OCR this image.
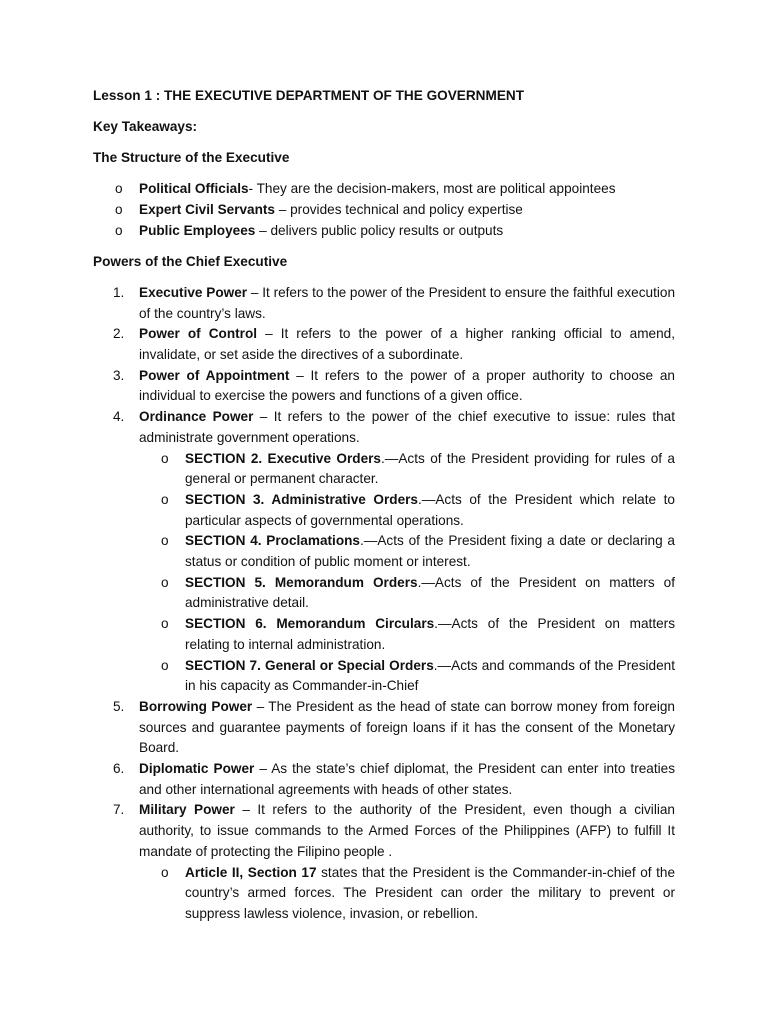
Lesson 1 : THE EXECUTIVE DEPARTMENT OF THE GOVERNMENT
Key Takeaways:
The Structure of the Executive
o Political Officials- They are the decision-makers, most are political appointees
o Expert Civil Servants – provides technical and policy expertise
o Public Employees – delivers public policy results or outputs
Powers of the Chief Executive
1. Executive Power – It refers to the power of the President to ensure the faithful execution of the country’s laws.
2. Power of Control – It refers to the power of a higher ranking official to amend, invalidate, or set aside the directives of a subordinate.
3. Power of Appointment – It refers to the power of a proper authority to choose an individual to exercise the powers and functions of a given office.
4. Ordinance Power – It refers to the power of the chief executive to issue: rules that administrate government operations.
o SECTION 2. Executive Orders.—Acts of the President providing for rules of a general or permanent character.
o SECTION 3. Administrative Orders.—Acts of the President which relate to particular aspects of governmental operations.
o SECTION 4. Proclamations.—Acts of the President fixing a date or declaring a status or condition of public moment or interest.
o SECTION 5. Memorandum Orders.—Acts of the President on matters of administrative detail.
o SECTION 6. Memorandum Circulars.—Acts of the President on matters relating to internal administration.
o SECTION 7. General or Special Orders.—Acts and commands of the President in his capacity as Commander-in-Chief
5. Borrowing Power – The President as the head of state can borrow money from foreign sources and guarantee payments of foreign loans if it has the consent of the Monetary Board.
6. Diplomatic Power – As the state’s chief diplomat, the President can enter into treaties and other international agreements with heads of other states.
7. Military Power – It refers to the authority of the President, even though a civilian authority, to issue commands to the Armed Forces of the Philippines (AFP) to fulfill It mandate of protecting the Filipino people .
o Article II, Section 17 states that the President is the Commander-in-chief of the country’s armed forces. The President can order the military to prevent or suppress lawless violence, invasion, or rebellion.
